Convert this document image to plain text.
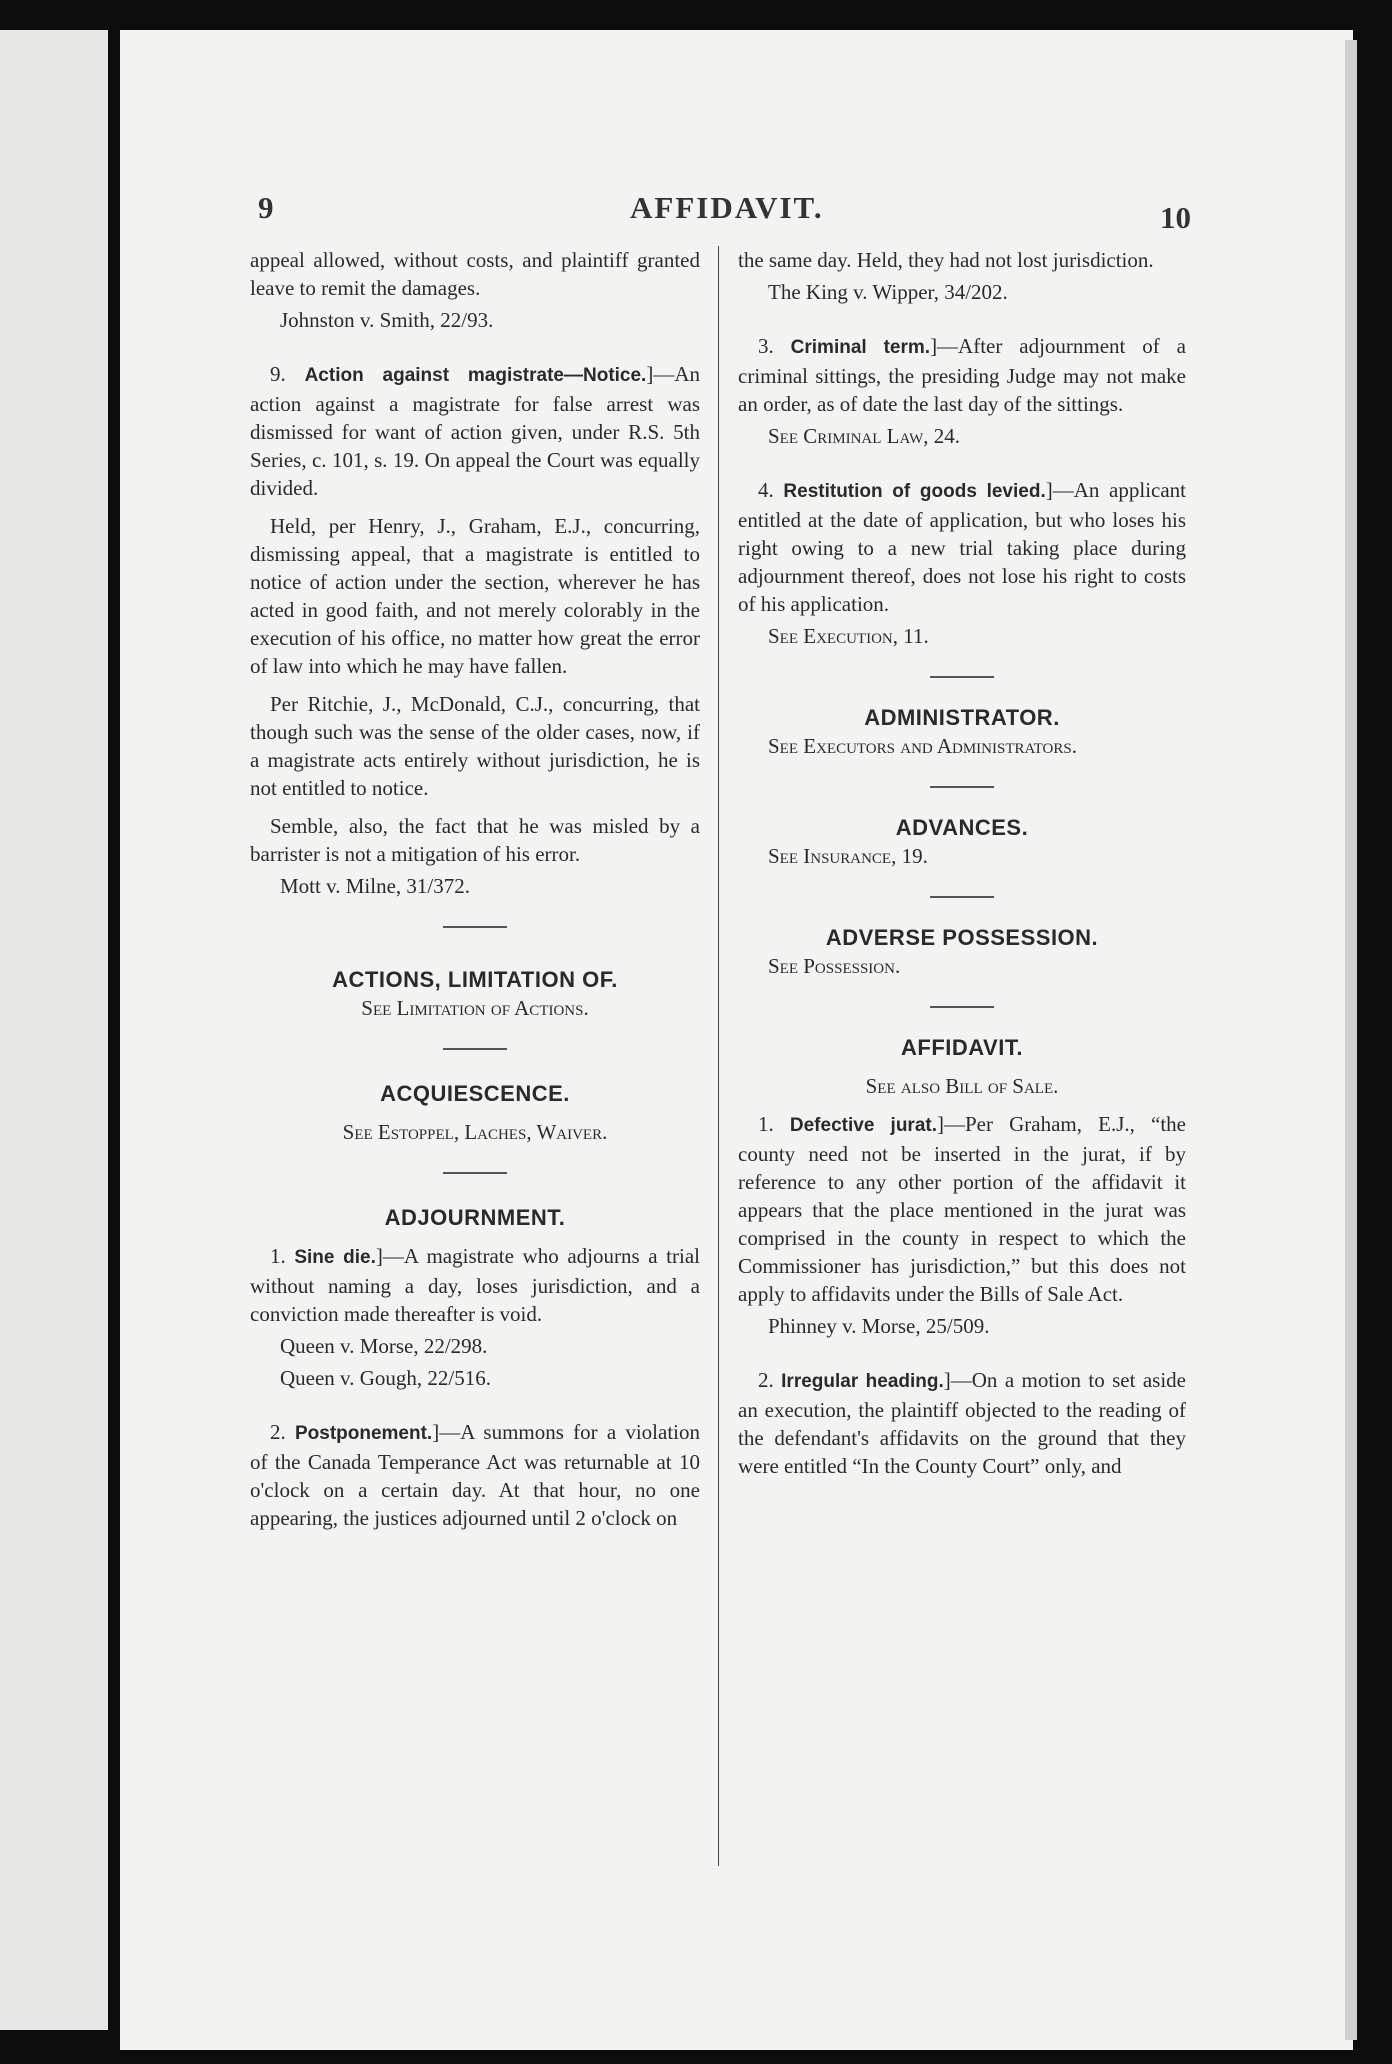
9	AFFIDAVIT.	10

appeal allowed, without costs, and plaintiff granted leave to remit the damages.

Johnston v. Smith, 22/93.

9. Action against magistrate—Notice.]—An action against a magistrate for false arrest was dismissed for want of action given, under R.S. 5th Series, c. 101, s. 19. On appeal the Court was equally divided.

Held, per Henry, J., Graham, E.J., concurring, dismissing appeal, that a magistrate is entitled to notice of action under the section, wherever he has acted in good faith, and not merely colorably in the execution of his office, no matter how great the error of law into which he may have fallen.

Per Ritchie, J., McDonald, C.J., concurring, that though such was the sense of the older cases, now, if a magistrate acts entirely without jurisdiction, he is not entitled to notice.

Semble, also, the fact that he was misled by a barrister is not a mitigation of his error.

Mott v. Milne, 31/372.

ACTIONS, LIMITATION OF.

See Limitation of Actions.

ACQUIESCENCE.

See Estoppel, Laches, Waiver.

ADJOURNMENT.

1. Sine die.]—A magistrate who adjourns a trial without naming a day, loses jurisdiction, and a conviction made thereafter is void.

Queen v. Morse, 22/298.

Queen v. Gough, 22/516.

2. Postponement.]—A summons for a violation of the Canada Temperance Act was returnable at 10 o'clock on a certain day. At that hour, no one appearing, the justices adjourned until 2 o'clock on

the same day. Held, they had not lost jurisdiction.

The King v. Wipper, 34/202.

3. Criminal term.]—After adjournment of a criminal sittings, the presiding Judge may not make an order, as of date the last day of the sittings.

See Criminal Law, 24.

4. Restitution of goods levied.]—An applicant entitled at the date of application, but who loses his right owing to a new trial taking place during adjournment thereof, does not lose his right to costs of his application.

See Execution, 11.

ADMINISTRATOR.

See Executors and Administrators.

ADVANCES.

See Insurance, 19.

ADVERSE POSSESSION.

See Possession.

AFFIDAVIT.

See also Bill of Sale.

1. Defective jurat.]—Per Graham, E.J., “the county need not be inserted in the jurat, if by reference to any other portion of the affidavit it appears that the place mentioned in the jurat was comprised in the county in respect to which the Commissioner has jurisdiction,” but this does not apply to affidavits under the Bills of Sale Act.

Phinney v. Morse, 25/509.

2. Irregular heading.]—On a motion to set aside an execution, the plaintiff objected to the reading of the defendant's affidavits on the ground that they were entitled “In the County Court” only, and
